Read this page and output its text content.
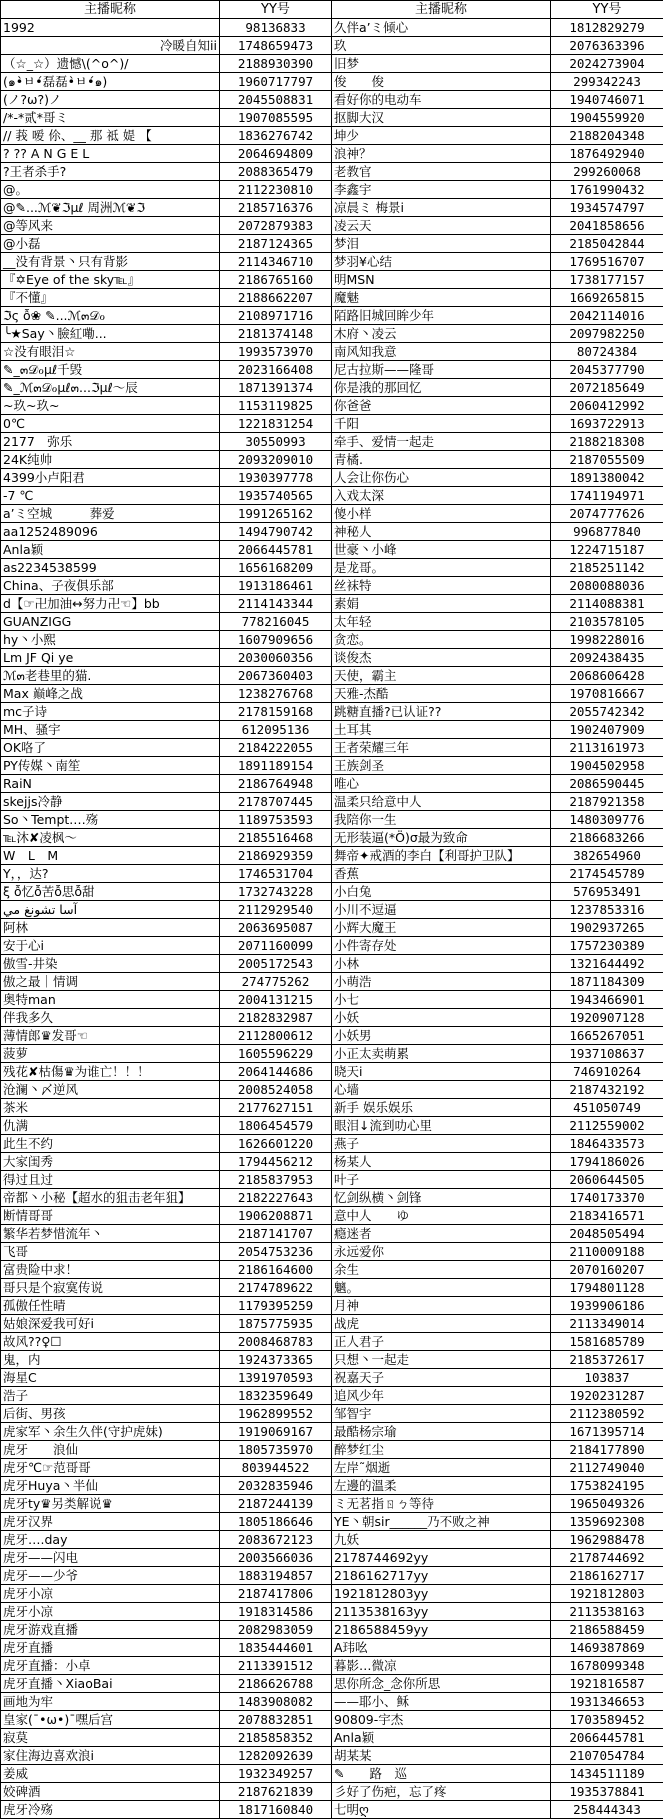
主播昵称	YY号	主播昵称	YY号
1992	98136833	久伴a’ミ倾心	1812829279
冷暖自知ii	1748659473	玖	2076363396
（☆_☆）遗憾\(^o^)/	2188930390	旧梦	2024273904
(๑•̀ㅂ•́磊磊•̀ㅂ•́๑)	1960717797	俊　　俊	299342243
(ノ?ω?)ノ	2045508831	看好你的电动车	1940746071
/*-*贰*哥ミ	1907085595	抠脚大汉	1904559920
// 莪 嗳 伱、__ 那 祗 媞 【	1836276742	坤少	2188204348
? ?? A N G E L	2064694809	浪神？	1876492940
?王者杀手?	2088365479	老教官	299260068
@。	2112230810	李鑫宇	1761990432
@✎...ℳ❦ℑμℓ 周洲ℳ❦ℑ	2185716376	凉晨ミ 梅景i	1934574797
@等风来	2072879383	凌云天	2041858656
@小磊	2187124365	梦泪	2185042844
__没有背景丶只有背影	2114346710	梦羽¥心结	1769516707
『✡Eye of the sky℡』	2186765160	明MSN	1738177157
『不懂』	2188662207	魔魅	1669265815
ℑς ỗ❀ ✎...ℳ๓𝒟ℴ	2108971716	陌路旧城回眸少年	2042114016
╰★Say丶臉紅嘞...	2181374148	木府丶凌云	2097982250
☆没有眼泪☆	1993573970	南风知我意	80724384
✎_๓𝒟ℴμℓ千毁	2023166408	尼古拉斯——隆哥	2045377790
✎_ℳ๓𝒟ℴμℓ๓...ℑμℓ～辰	1871391374	你是涐的那回忆	2072185649
~玖~玖~	1153119825	你爸爸	2060412992
0℃	1221831254	千阳	1693722913
2177　弥乐	30550993	牵手、爱情一起走	2188218308
24K纯帅	2093209010	青橘.	2187055509
4399小卢阳君	1930397778	人会让你伤心	1891380042
-7 ℃	1935740565	入戏太深	1741194971
a’ミ空城　　　葬爱	1991265162	傻小样	2074777626
aa1252489096	1494790742	神秘人	996877840
Anla颖	2066445781	世豪丶小峰	1224715187
as2234538599	1656168209	是龙哥。	2185251142
China、子夜俱乐部	1913186461	丝袜特	2080088036
d【☞卍加油↔努力卍☜】bb	2114143344	素娟	2114088381
GUANZIGG	778216045	太年轻	2103578105
hy丶小熙	1607909656	贪恋。	1998228016
Lm JF Qi ye	2030060356	谈俊杰	2092438435
ℳ๓老巷里的猫.	2067360403	天使，霸主	2068606428
Max 巅峰之战	1238276768	天雅-杰酷	1970816667
mc子诗	2178159168	跳糖直播?已认证??	2055742342
MH、骚宇	612095136	土耳其	1902407909
OK咯了	2184222055	王者荣耀三年	2113161973
PY传媒丶南笙	1891189154	王族剑圣	1904502958
RaiN	2186764948	唯心	2086590445
skejjs冷静	2178707445	温柔只给意中人	2187921358
So丶Tempt.…殇	1189753593	我陪你一生	1480309776
℡沐✘凌枫～	2185516468	无形装逼(*Ö)σ最为致命	2186683266
W　L　M	2186929359	舞帝✦戒酒的李白【利哥护卫队】	382654960
Y，，达?	1746531704	香蕉	2174545789
ξ ỗ忆ỗ苦ỗ思ỗ甜	1732743228	小白兔	576953491
آسا تشونغ مي	2112929540	小川不逗逼	1237853316
阿林	2063695087	小辉大魔王	1902937265
安于心i	2071160099	小件寄存处	1757230389
傲雪-井染	2005172543	小林	1321644492
傲之最｜情调	274775262	小萌浩	1871184309
奥特man	2004131215	小七	1943466901
伴我多久	2182832987	小妖	1920907128
薄情郎♛发哥☜	2112800612	小妖男	1665267051
菠萝	1605596229	小正太卖萌累	1937108637
残花✘枯傷♛为谁亡！！！	2064144686	晓天i	746910264
沧澜丶〆逆风	2008524058	心墙	2187432192
茶米	2177627151	新手 娱乐娱乐	451050749
仇满	1806454579	眼泪↓流到叻心里	2112559002
此生不约	1626601220	燕子	1846433573
大家闺秀	1794456212	杨某人	1794186026
得过且过	2185837953	叶子	2060644505
帝都丶小秘【超水的狙击老年狙】	2182227643	忆剑纵横丶剑锋	1740173370
断情哥哥	1906208871	意中人　　ゆ	2183416571
繁华若梦惜流年丶	2187141707	瘾迷者	2048505494
飞哥	2054753236	永远爱你	2110009188
富贵险中求！	2186164600	余生	2070160207
哥只是个寂寞传说	2174789622	魑。	1794801128
孤傲任性晴	1179395259	月神	1939906186
姑娘深爱我可好i	1875775935	战虎	2113349014
故风??♀☐	2008468783	正人君子	1581685789
鬼，内	1924373365	只想丶一起走	2185372617
海星C	1391970593	祝嘉天子	103837
浩子	1832359649	追风少年	1920231287
后街、男孩	1962899552	邹智宇	2112380592
虎家军丶余生久伴(守护虎妹)	1919069167	最酷杨宗瑜	1671395714
虎牙　　浪仙	1805735970	醉梦红尘	2184177890
虎牙℃☞范哥哥	803944522	左岸˜烟逝	2112749040
虎牙Huya丶半仙	2032835946	左邊的溫柔	1753824195
虎牙ty♛另类解说♛	2187244139	ミ无茗指ㄖㄅ等待	1965049326
虎牙汉界	1805186646	YE丶朝sir______乃不败之神	1359692308
虎牙….day	2083672123	九妖	1962988478
虎牙——闪电	2003566036	2178744692yy	2178744692
虎牙——少爷	1883194857	2186162717yy	2186162717
虎牙小凉	2187417806	1921812803yy	1921812803
虎牙小凉	1918314586	2113538163yy	2113538163
虎牙游戏直播	2082983059	2186588459yy	2186588459
虎牙直播	1835444601	A玮吆	1469387869
虎牙直播：小卓	2113391512	暮影…微凉	1678099348
虎牙直播丶XiaoBai	2186626788	思你所念_念你所思	1921816587
画地为牢	1483908082	——耶小、稣	1931346653
皇家(ˉ•ω•)ˉ嘿后宫	2078832851	90809-宇杰	1703589452
寂莫	2185858352	Anla颖	2066445781
家住海边喜欢浪i	1282092639	胡某某	2107054784
姜威	1932349257	✎　　路　巡	1434511189
姣碑酒	2187621839	彡好了伤疤，忘了疼	1935378841
虎牙冷殇	1817160840	七明ღ	258444343
